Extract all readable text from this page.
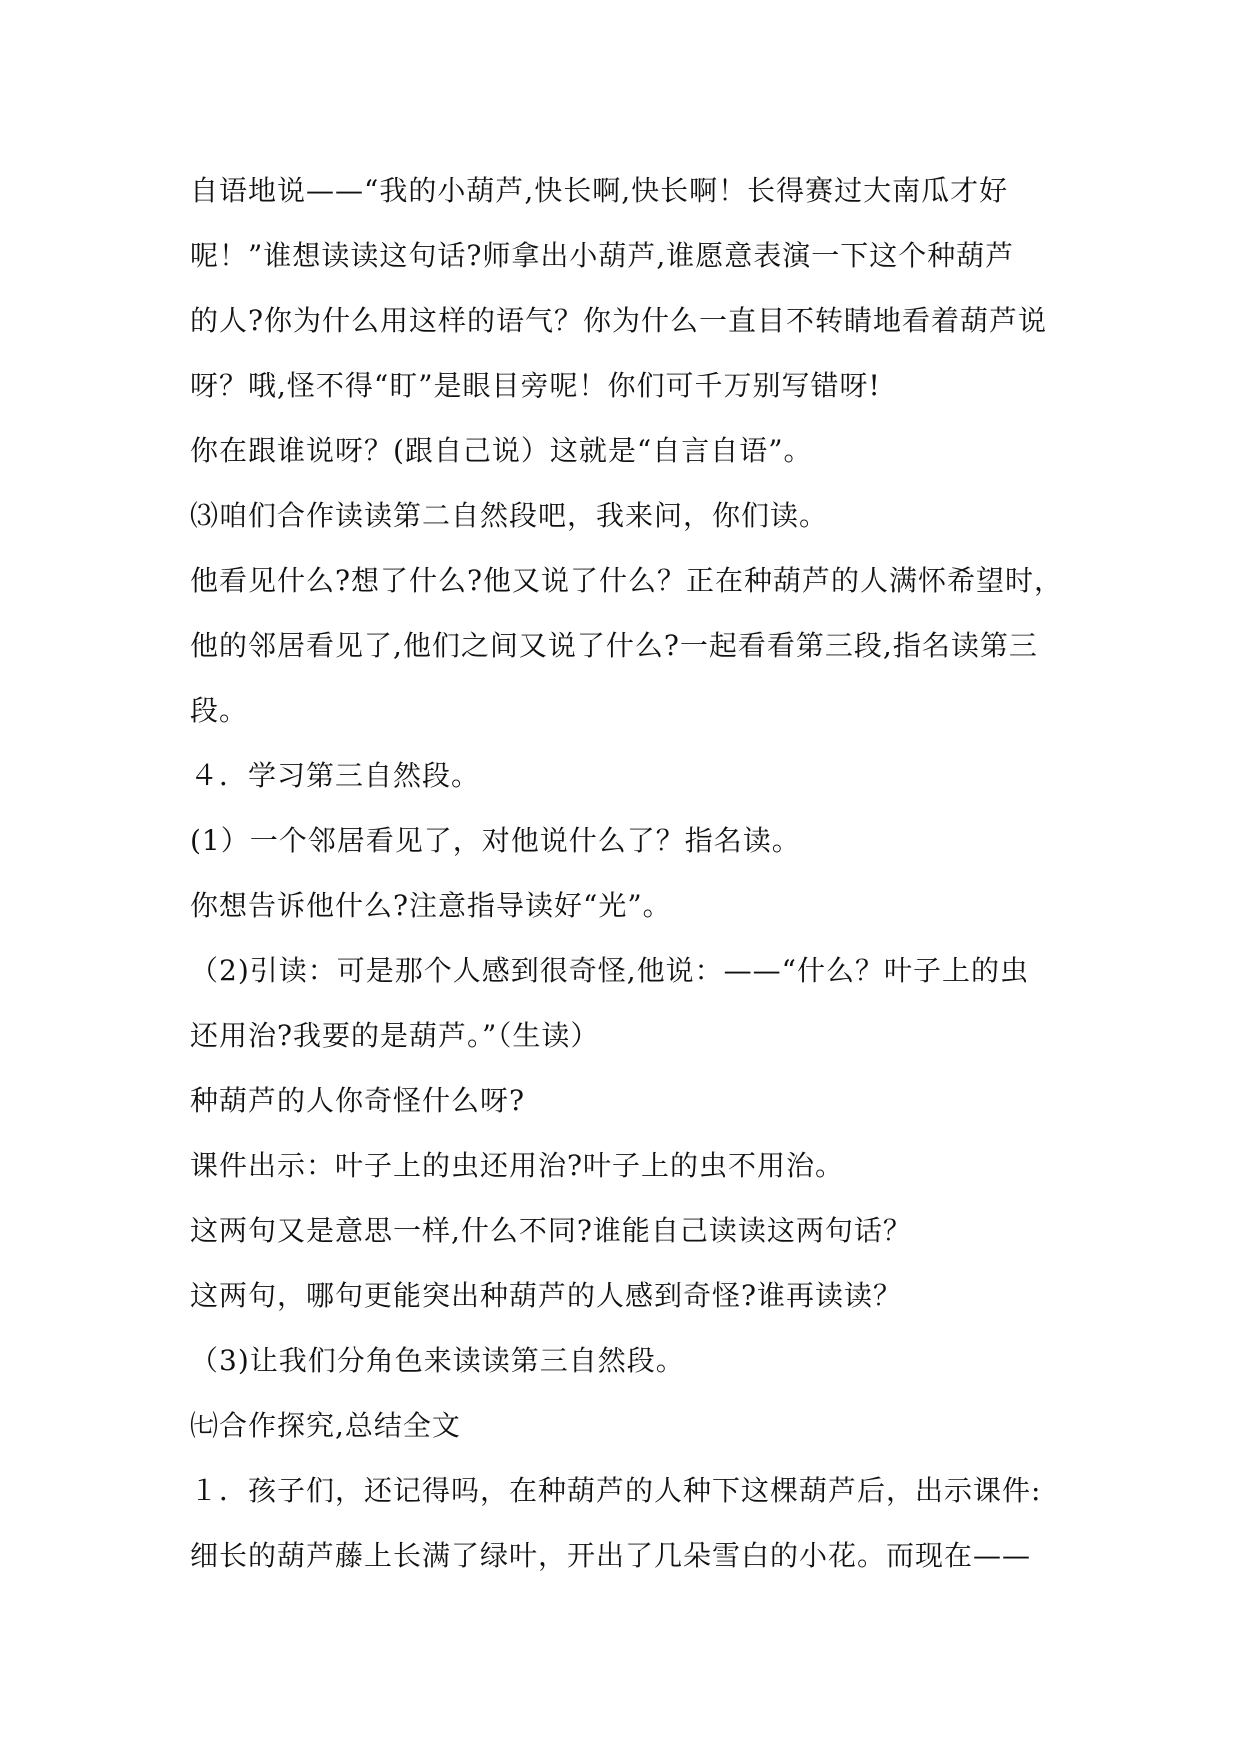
自语地说——“我的小葫芦,快长啊,快长啊！长得赛过大南瓜才好
呢！”谁想读读这句话?师拿出小葫芦,谁愿意表演一下这个种葫芦
的人?你为什么用这样的语气？你为什么一直目不转睛地看着葫芦说
呀？哦,怪不得“盯”是眼目旁呢！你们可千万别写错呀!
你在跟谁说呀？(跟自己说）这就是“自言自语”。
⑶咱们合作读读第二自然段吧，我来问，你们读。
他看见什么?想了什么?他又说了什么？正在种葫芦的人满怀希望时，
他的邻居看见了,他们之间又说了什么?一起看看第三段,指名读第三
段。
４．学习第三自然段。
(1）一个邻居看见了，对他说什么了？指名读。
你想告诉他什么?注意指导读好“光”。
（2)引读：可是那个人感到很奇怪,他说：——“什么？叶子上的虫
还用治?我要的是葫芦。”（生读）
种葫芦的人你奇怪什么呀?
课件出示：叶子上的虫还用治?叶子上的虫不用治。
这两句又是意思一样,什么不同?谁能自己读读这两句话？
这两句，哪句更能突出种葫芦的人感到奇怪?谁再读读？
（3)让我们分角色来读读第三自然段。
㈦合作探究,总结全文
１．孩子们，还记得吗，在种葫芦的人种下这棵葫芦后，出示课件:
细长的葫芦藤上长满了绿叶，开出了几朵雪白的小花。而现在——
